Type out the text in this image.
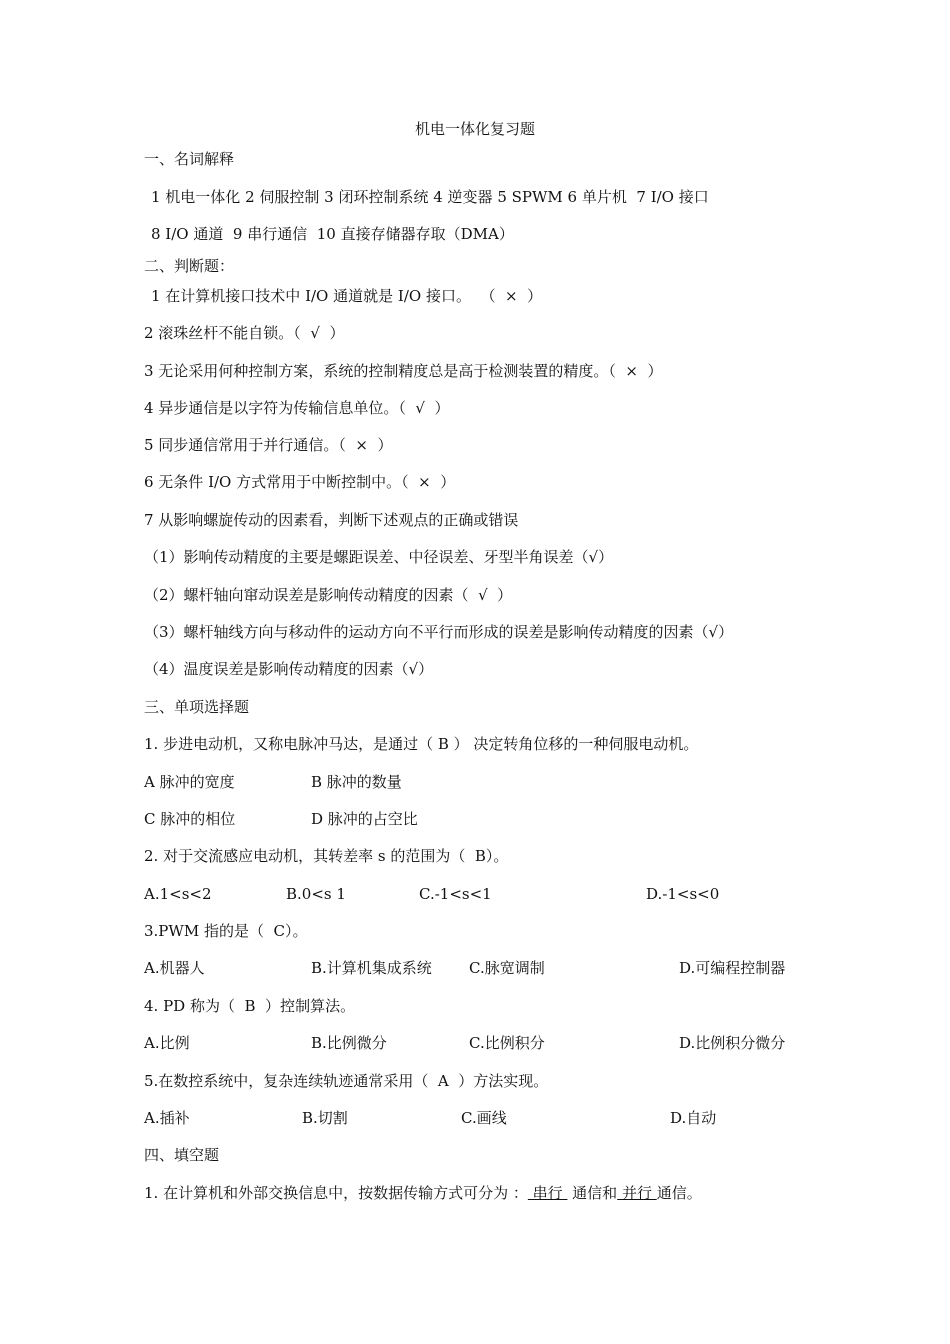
机电一体化复习题
一、名词解释
1 机电一体化 2 伺服控制 3 闭环控制系统 4 逆变器 5 SPWM 6 单片机  7 I/O 接口
8 I/O 通道  9 串行通信  10 直接存储器存取（DMA）
二、判断题：
1 在计算机接口技术中 I/O 通道就是 I/O 接口。  （  ×  ）
2 滚珠丝杆不能自锁。（  √  ）
3 无论采用何种控制方案，系统的控制精度总是高于检测装置的精度。（  ×  ）
4 异步通信是以字符为传输信息单位。（  √  ）
5 同步通信常用于并行通信。（  ×  ）
6 无条件 I/O 方式常用于中断控制中。（  ×  ）
7 从影响螺旋传动的因素看，判断下述观点的正确或错误
（1）影响传动精度的主要是螺距误差、中径误差、牙型半角误差（√）
（2）螺杆轴向窜动误差是影响传动精度的因素（  √  ）
（3）螺杆轴线方向与移动件的运动方向不平行而形成的误差是影响传动精度的因素（√）
（4）温度误差是影响传动精度的因素（√）
三、单项选择题
1. 步进电动机，又称电脉冲马达，是通过（ B ） 决定转角位移的一种伺服电动机。
A 脉冲的宽度	B 脉冲的数量
C 脉冲的相位	D 脉冲的占空比
2. 对于交流感应电动机，其转差率 s 的范围为（  B）。
A.1<s<2	B.0<s 1	C.-1<s<1	D.-1<s<0
3.PWM 指的是（  C）。
A.机器人	B.计算机集成系统 C.脉宽调制	D.可编程控制器
4. PD 称为（  B  ）控制算法。
A.比例	B.比例微分	C.比例积分	D.比例积分微分
5.在数控系统中，复杂连续轨迹通常采用（  A  ）方法实现。
A.插补	B.切割	C.画线	D.自动
四、填空题
1. 在计算机和外部交换信息中，按数据传输方式可分为 ： 串行  通信和 并行 通信。
